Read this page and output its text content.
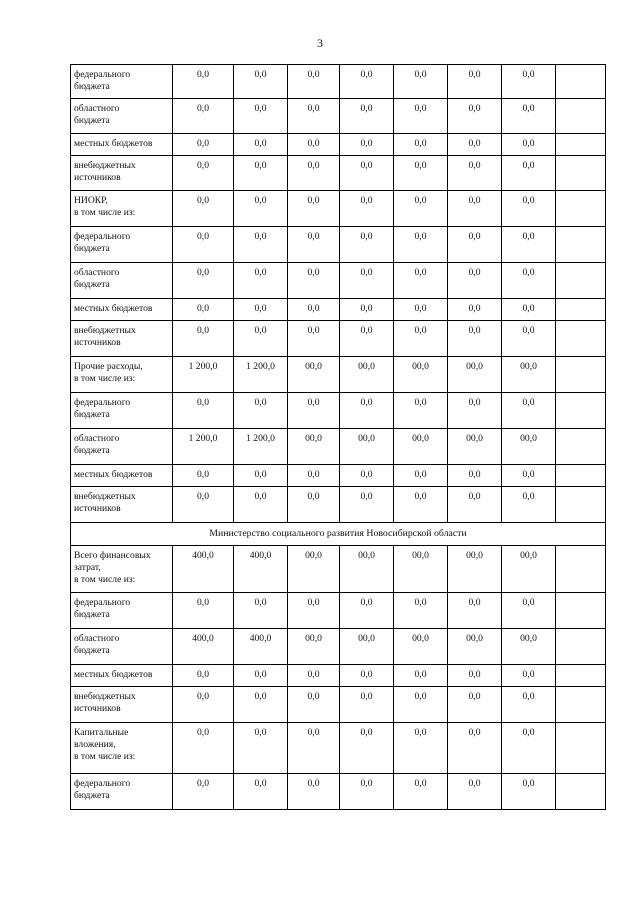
3
федерального
бюджета	0,0	0,0	0,0	0,0	0,0	0,0	0,0	
областного
бюджета	0,0	0,0	0,0	0,0	0,0	0,0	0,0	
местных бюджетов	0,0	0,0	0,0	0,0	0,0	0,0	0,0	
внебюджетных
источников	0,0	0,0	0,0	0,0	0,0	0,0	0,0	
НИОКР,
в том числе из:	0,0	0,0	0,0	0,0	0,0	0,0	0,0	
федерального
бюджета	0,0	0,0	0,0	0,0	0,0	0,0	0,0	
областного
бюджета	0,0	0,0	0,0	0,0	0,0	0,0	0,0	
местных бюджетов	0,0	0,0	0,0	0,0	0,0	0,0	0,0	
внебюджетных
источников	0,0	0,0	0,0	0,0	0,0	0,0	0,0	
Прочие расходы,
в том числе из:	1 200,0	1 200,0	00,0	00,0	00,0	00,0	00,0	
федерального
бюджета	0,0	0,0	0,0	0,0	0,0	0,0	0,0	
областного
бюджета	1 200,0	1 200,0	00,0	00,0	00,0	00,0	00,0	
местных бюджетов	0,0	0,0	0,0	0,0	0,0	0,0	0,0	
внебюджетных
источников	0,0	0,0	0,0	0,0	0,0	0,0	0,0	
Министерство социального развития Новосибирской области								
Всего финансовых
затрат,
в том числе из:	400,0	400,0	00,0	00,0	00,0	00,0	00,0	
федерального
бюджета	0,0	0,0	0,0	0,0	0,0	0,0	0,0	
областного
бюджета	400,0	400,0	00,0	00,0	00,0	00,0	00,0	
местных бюджетов	0,0	0,0	0,0	0,0	0,0	0,0	0,0	
внебюджетных
источников	0,0	0,0	0,0	0,0	0,0	0,0	0,0	
Капитальные
вложения,
в том числе из:	0,0	0,0	0,0	0,0	0,0	0,0	0,0	
федерального
бюджета	0,0	0,0	0,0	0,0	0,0	0,0	0,0	
